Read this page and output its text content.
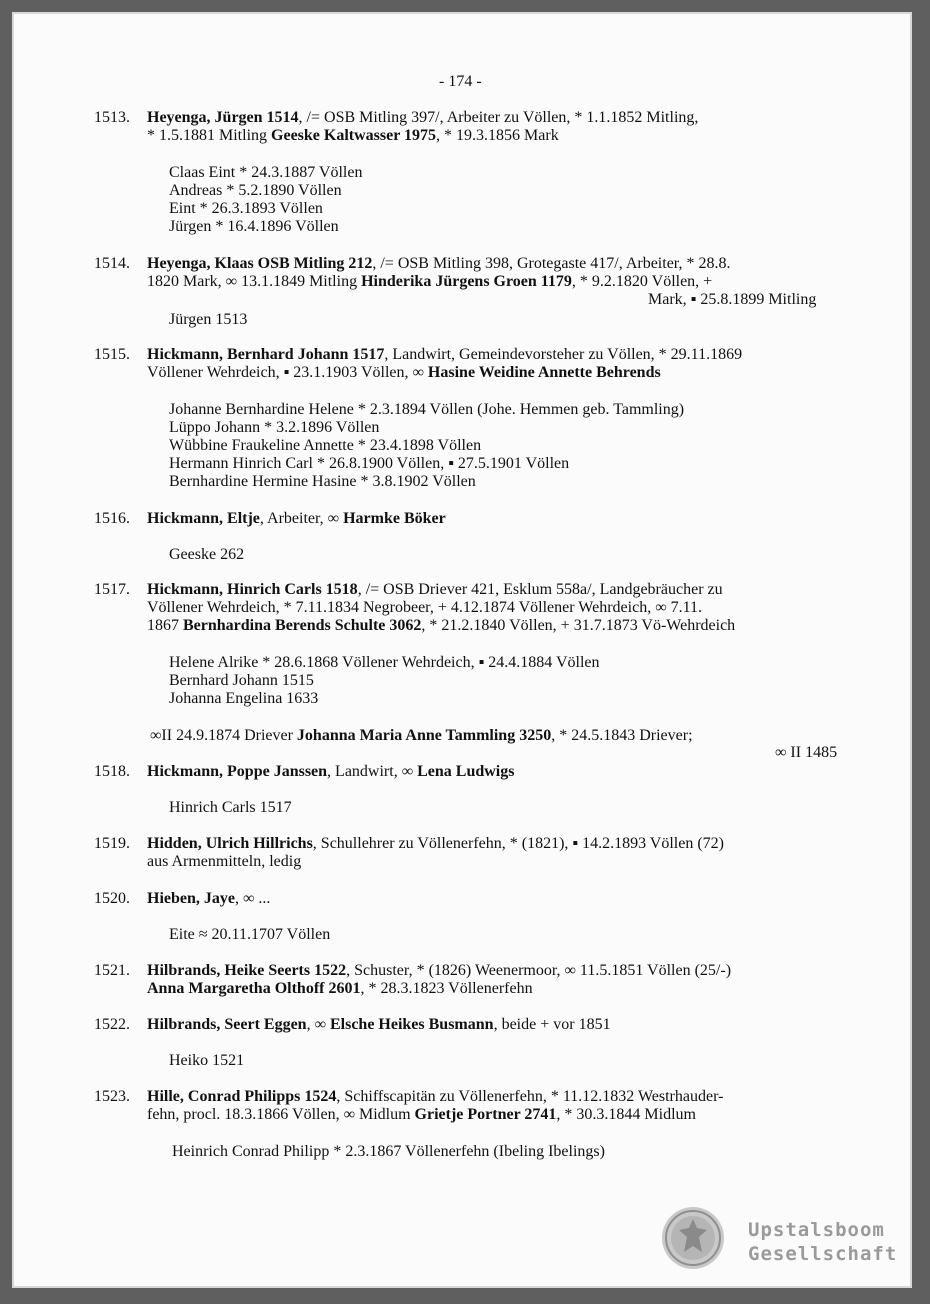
- 174 -
1513. Heyenga, Jürgen 1514, /= OSB Mitling 397/, Arbeiter zu Völlen, * 1.1.1852 Mitling,
* 1.5.1881 Mitling Geeske Kaltwasser 1975, * 19.3.1856 Mark
Claas Eint * 24.3.1887 Völlen
Andreas * 5.2.1890 Völlen
Eint * 26.3.1893 Völlen
Jürgen * 16.4.1896 Völlen
1514. Heyenga, Klaas OSB Mitling 212, /= OSB Mitling 398, Grotegaste 417/, Arbeiter, * 28.8.
1820 Mark, ∞ 13.1.1849 Mitling Hinderika Jürgens Groen 1179, * 9.2.1820 Völlen, +
Mark, ▪ 25.8.1899 Mitling
Jürgen 1513
1515. Hickmann, Bernhard Johann 1517, Landwirt, Gemeindevorsteher zu Völlen, * 29.11.1869
Völlener Wehrdeich, ▪ 23.1.1903 Völlen, ∞ Hasine Weidine Annette Behrends
Johanne Bernhardine Helene * 2.3.1894 Völlen (Johe. Hemmen geb. Tammling)
Lüppo Johann * 3.2.1896 Völlen
Wübbine Fraukeline Annette * 23.4.1898 Völlen
Hermann Hinrich Carl * 26.8.1900 Völlen, ▪ 27.5.1901 Völlen
Bernhardine Hermine Hasine * 3.8.1902 Völlen
1516. Hickmann, Eltje, Arbeiter, ∞ Harmke Böker
Geeske 262
1517. Hickmann, Hinrich Carls 1518, /= OSB Driever 421, Esklum 558a/, Landgebräucher zu
Völlener Wehrdeich, * 7.11.1834 Negrobeer, + 4.12.1874 Völlener Wehrdeich, ∞ 7.11.
1867 Bernhardina Berends Schulte 3062, * 21.2.1840 Völlen, + 31.7.1873 Vö-Wehrdeich
Helene Alrike * 28.6.1868 Völlener Wehrdeich, ▪ 24.4.1884 Völlen
Bernhard Johann 1515
Johanna Engelina 1633
∞II 24.9.1874 Driever Johanna Maria Anne Tammling 3250, * 24.5.1843 Driever;
∞ II 1485
1518. Hickmann, Poppe Janssen, Landwirt, ∞ Lena Ludwigs
Hinrich Carls 1517
1519. Hidden, Ulrich Hillrichs, Schullehrer zu Völlenerfehn, * (1821), ▪ 14.2.1893 Völlen (72)
aus Armenmitteln, ledig
1520. Hieben, Jaye, ∞ ...
Eite ≈ 20.11.1707 Völlen
1521. Hilbrands, Heike Seerts 1522, Schuster, * (1826) Weenermoor, ∞ 11.5.1851 Völlen (25/-)
Anna Margaretha Olthoff 2601, * 28.3.1823 Völlenerfehn
1522. Hilbrands, Seert Eggen, ∞ Elsche Heikes Busmann, beide + vor 1851
Heiko 1521
1523. Hille, Conrad Philipps 1524, Schiffscapitän zu Völlenerfehn, * 11.12.1832 Westrhauder-
fehn, procl. 18.3.1866 Völlen, ∞ Midlum Grietje Portner 2741, * 30.3.1844 Midlum
Heinrich Conrad Philipp * 2.3.1867 Völlenerfehn (Ibeling Ibelings)
Upstalsboom
Gesellschaft
